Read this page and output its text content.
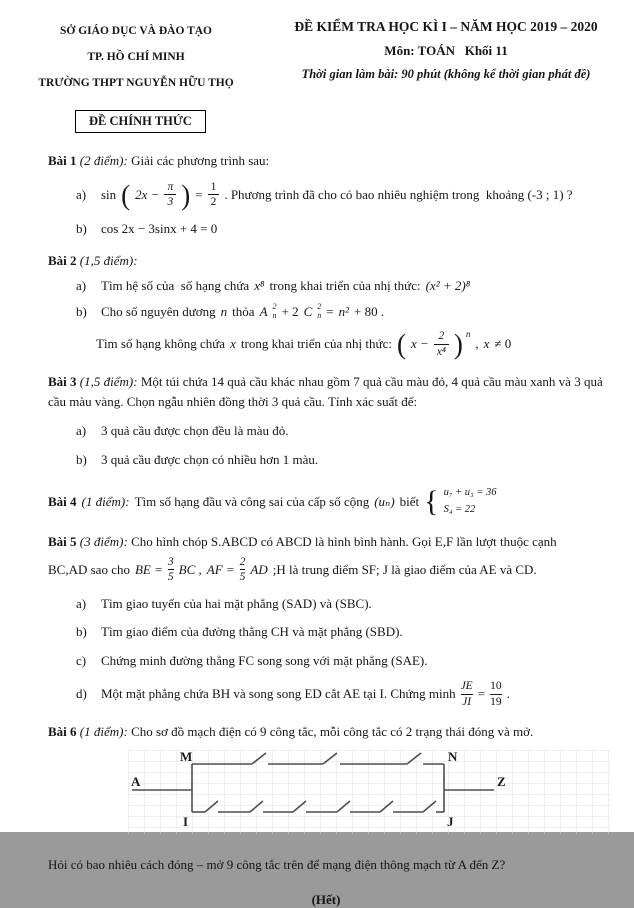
SỞ GIÁO DỤC VÀ ĐÀO TẠO
TP. HỒ CHÍ MINH
TRƯỜNG THPT NGUYỄN HỮU THỌ
ĐỀ KIỂM TRA HỌC KÌ I – NĂM HỌC 2019 – 2020
Môn: TOÁN   Khối 11
Thời gian làm bài: 90 phút (không kể thời gian phát đề)
ĐỀ CHÍNH THỨC

Bài 1 (2 điểm): Giải các phương trình sau:

a)	sin ( $2x - \frac{\pi}{3}$ ) = $\frac{1}{2}$ . Phương trình đã cho có bao nhiêu nghiệm trong  khoảng (-3 ; 1) ?
b)	cos 2x − 3sinx + 4 = 0

Bài 2 (1,5 điểm):

a)	Tìm hệ số của  số hạng chứa x⁸ trong khai triển của nhị thức: (x² + 2)⁸
b)	Cho số nguyên dương n thỏa A 2
n + 2 C 2
n = n² + 80 .
Tìm số hạng không chứa x trong khai triển của nhị thức: ( $x - \frac{2}{\text{x⁴}}$ ) n
, x ≠ 0

Bài 3 (1,5 điểm): Một túi chứa 14 quả cầu khác nhau gồm 7 quả cầu màu đỏ, 4 quả cầu màu xanh và 3 quả cầu màu vàng. Chọn ngẫu nhiên đồng thời 3 quả cầu. Tính xác suất để:

a)	3 quả cầu được chọn đều là màu đỏ.
b)	3 quả cầu được chọn có nhiều hơn 1 màu.
Bài 4 (1 điểm): Tìm số hạng đầu và công sai của cấp số cộng (uₙ) biết { u₇ + u₃ = 36
S₄ = 22

Bài 5 (3 điểm): Cho hình chóp S.ABCD có ABCD là hình bình hành. Gọi E,F lần lượt thuộc cạnh

BC,AD sao cho BE = $\frac{3}{5}$ BC , AF = $\frac{2}{5}$ AD ;H là trung điểm SF; J là giao điểm của AE và CD.
a)	Tìm giao tuyến của hai mặt phẳng (SAD) và (SBC).
b)	Tìm giao điểm của đường thẳng CH và mặt phẳng (SBD).
c)	Chứng minh đường thẳng FC song song với mặt phẳng (SAE).
d)	Một mặt phẳng chứa BH và song song ED cắt AE tại I. Chứng minh $\frac{JE}{JI} = \frac{10}{19}$ .

Bài 6 (1 điểm): Cho sơ đồ mạch điện có 9 công tắc, mỗi công tắc có 2 trạng thái đóng và mở.

M	N
A	Z
I	J

Hỏi có bao nhiêu cách đóng – mở 9 công tắc trên để mạng điện thông mạch từ A đến Z?

(Hết)
